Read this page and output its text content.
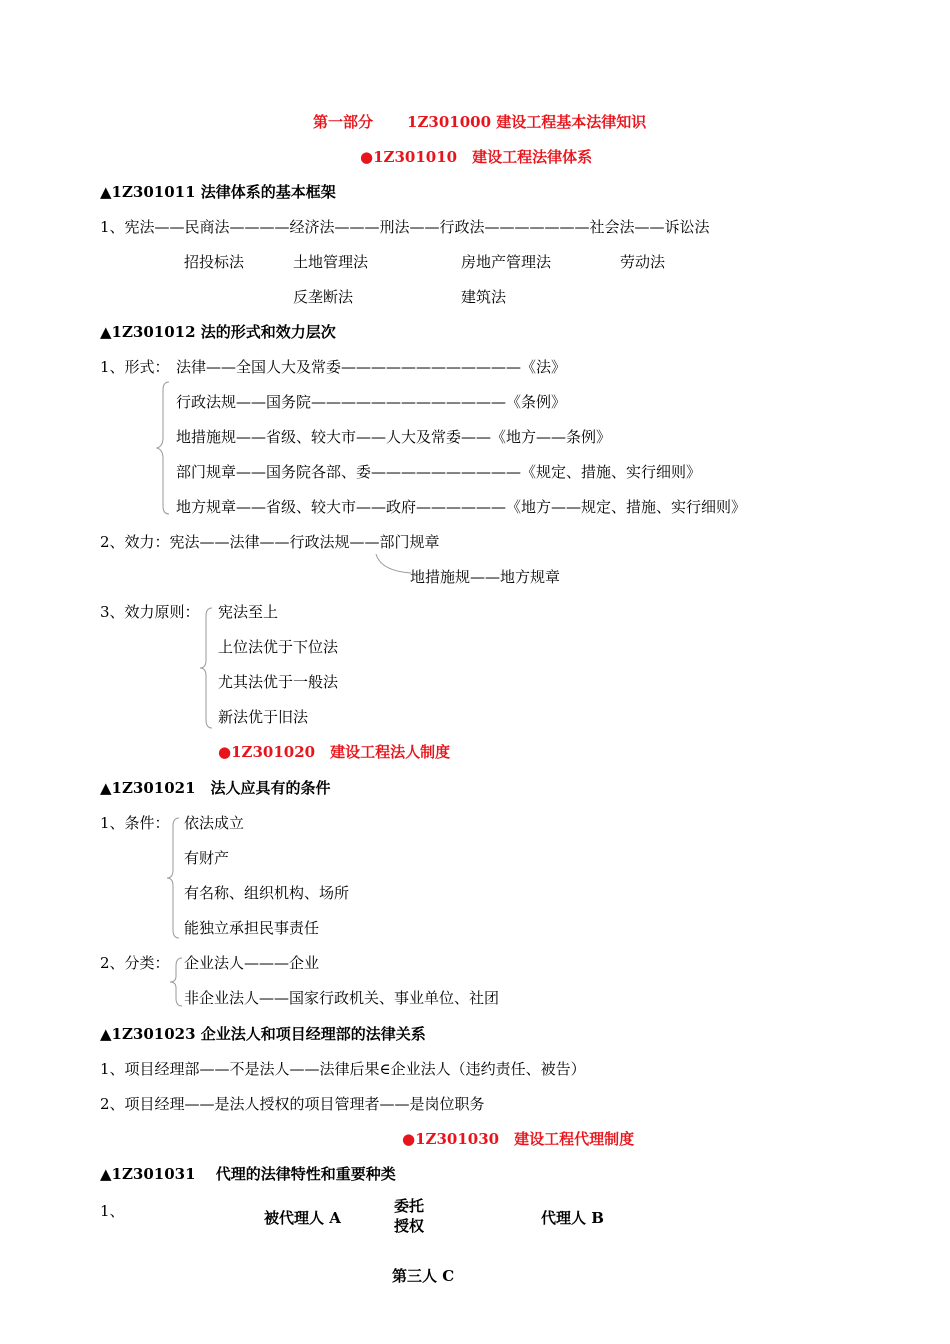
第一部分 1Z301000 建设工程基本法律知识
●1Z301010　建设工程法律体系
▲1Z301011 法律体系的基本框架
1、宪法——民商法————经济法———刑法——行政法———————社会法——诉讼法
招投标法	土地管理法	房地产管理法	劳动法
反垄断法	建筑法
▲1Z301012 法的形式和效力层次
1、形式： 法律——全国人大及常委————————————《法》
行政法规——国务院—————————————《条例》
地措施规——省级、较大市——人大及常委——《地方——条例》
部门规章——国务院各部、委——————————《规定、措施、实行细则》
地方规章——省级、较大市——政府——————《地方——规定、措施、实行细则》
2、效力：宪法——法律——行政法规——部门规章
地措施规——地方规章
3、效力原则： 宪法至上
上位法优于下位法
尤其法优于一般法
新法优于旧法
●1Z301020　建设工程法人制度
▲1Z301021　法人应具有的条件
1、条件： 依法成立
有财产
有名称、组织机构、场所
能独立承担民事责任
2、分类： 企业法人———企业
非企业法人——国家行政机关、事业单位、社团
▲1Z301023 企业法人和项目经理部的法律关系
1、项目经理部——不是法人——法律后果∈企业法人（违约责任、被告）
2、项目经理——是法人授权的项目管理者——是岗位职务
●1Z301030　建设工程代理制度
▲1Z301031　 代理的法律特性和重要种类
1、	被代理人 A
委托
授权	代理人 B
第三人 C
